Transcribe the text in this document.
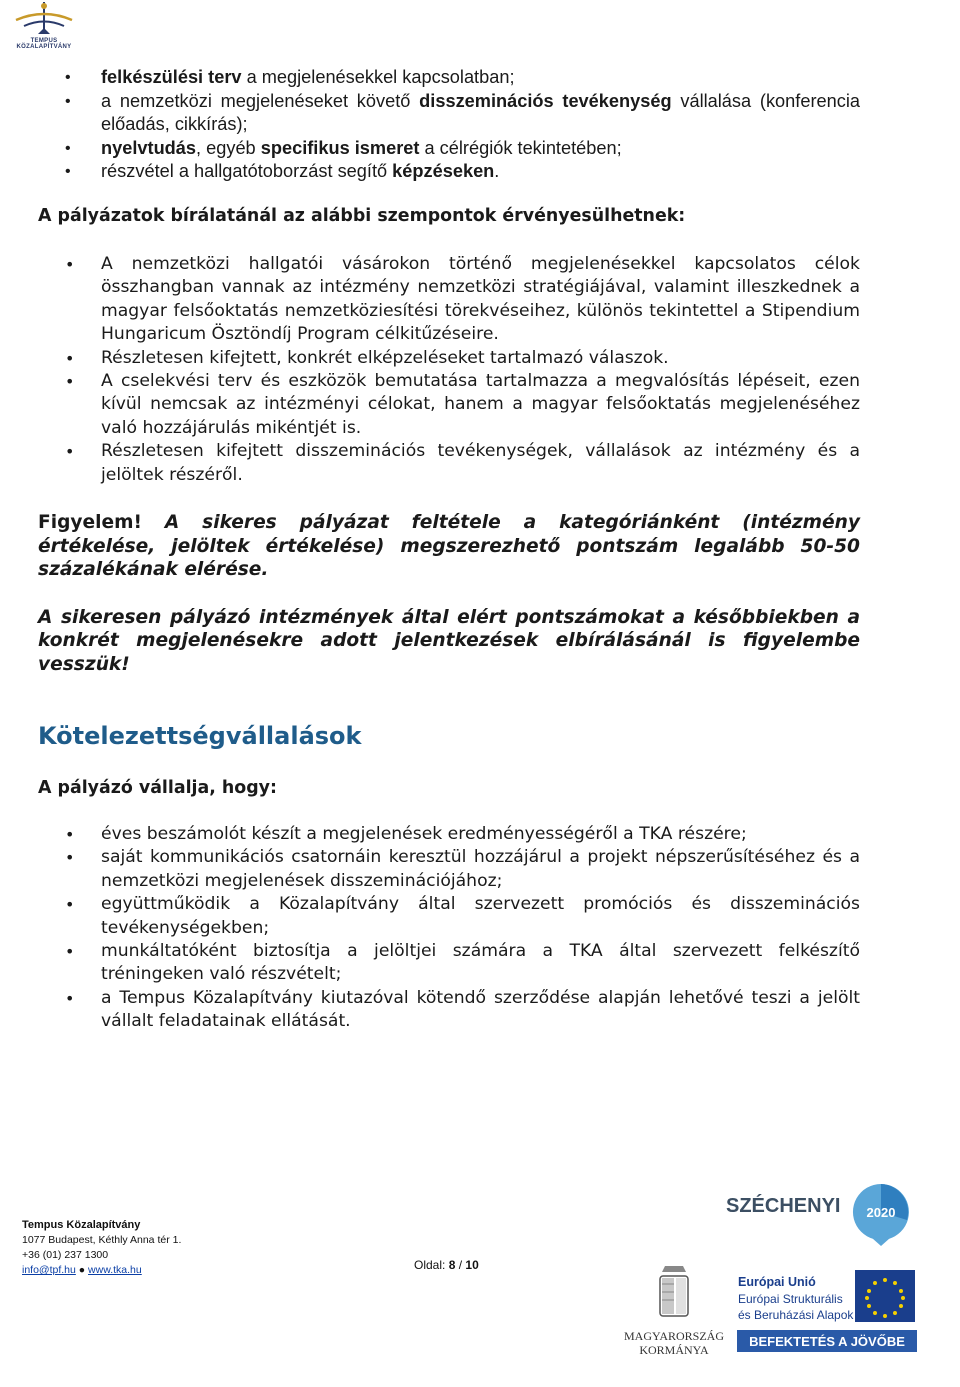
TEMPUS KÖZALAPÍTVÁNY
• felkészülési terv a megjelenésekkel kapcsolatban;
• a nemzetközi megjelenéseket követő disszeminációs tevékenység vállalása (konferencia előadás, cikkírás);
• nyelvtudás, egyéb specifikus ismeret a célrégiók tekintetében;
• részvétel a hallgatótoborzást segítő képzéseken.

A pályázatok bírálatánál az alábbi szempontok érvényesülhetnek:

• A nemzetközi hallgatói vásárokon történő megjelenésekkel kapcsolatos célok összhangban vannak az intézmény nemzetközi stratégiájával, valamint illeszkednek a magyar felsőoktatás nemzetköziesítési törekvéseihez, különös tekintettel a Stipendium Hungaricum Ösztöndíj Program célkitűzéseire.
• Részletesen kifejtett, konkrét elképzeléseket tartalmazó válaszok.
• A cselekvési terv és eszközök bemutatása tartalmazza a megvalósítás lépéseit, ezen kívül nemcsak az intézményi célokat, hanem a magyar felsőoktatás megjelenéséhez való hozzájárulás mikéntjét is.
• Részletesen kifejtett disszeminációs tevékenységek, vállalások az intézmény és a jelöltek részéről.

Figyelem! A sikeres pályázat feltétele a kategóriánként (intézmény értékelése, jelöltek értékelése) megszerezhető pontszám legalább 50-50 százalékának elérése.

A sikeresen pályázó intézmények által elért pontszámokat a későbbiekben a konkrét megjelenésekre adott jelentkezések elbírálásánál is figyelembe vesszük!

Kötelezettségvállalások

A pályázó vállalja, hogy:

• éves beszámolót készít a megjelenések eredményességéről a TKA részére;
• saját kommunikációs csatornáin keresztül hozzájárul a projekt népszerűsítéséhez és a nemzetközi megjelenések disszeminációjához;
• együttműködik a Közalapítvány által szervezett promóciós és disszeminációs tevékenységekben;
• munkáltatóként biztosítja a jelöltjei számára a TKA által szervezett felkészítő tréningeken való részvételt;
• a Tempus Közalapítvány kiutazóval kötendő szerződése alapján lehetővé teszi a jelölt vállalt feladatainak ellátását.
Tempus Közalapítvány
1077 Budapest, Kéthly Anna tér 1.
+36 (01) 237 1300
info@tpf.hu ● www.tka.hu	Oldal: 8 / 10
SZÉCHENYI 2020
MAGYARORSZÁG
KORMÁNYA
Európai Unió
Európai Strukturális
és Beruházási Alapok
BEFEKTETÉS A JÖVŐBE
